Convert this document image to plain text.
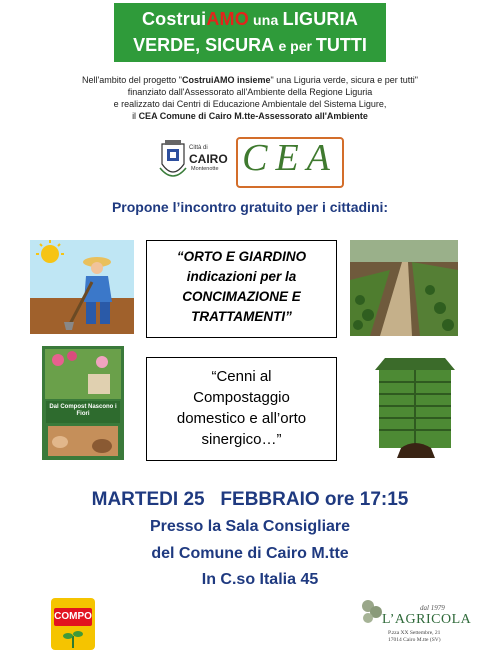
CostruiAMO una LIGURIA
VERDE, SICURA e per TUTTI
Nell'ambito del progetto "CostruiAMO insieme" una Liguria verde, sicura e per tutti"
finanziato dall'Assessorato all'Ambiente della Regione Liguria
e realizzato dai Centri di Educazione Ambientale del Sistema Ligure,
il CEA Comune di Cairo M.tte-Assessorato all'Ambiente
Città di
CAIRO
Montenotte CEA
Propone l’incontro gratuito per i cittadini:
“ORTO E GIARDINO
indicazioni per la
CONCIMAZIONE E
TRATTAMENTI”
Dal Compost Nascono i Fiori
“Cenni al
Compostaggio
domestico e all’orto
sinergico…”
MARTEDI 25   FEBBRAIO ore 17:15
Presso la Sala Consigliare
del Comune di Cairo M.tte
In C.so Italia 45
COMPO
dal 1979
L’AGRICOLA
P.zza XX Settembre, 21
17014 Cairo M.tte (SV)
